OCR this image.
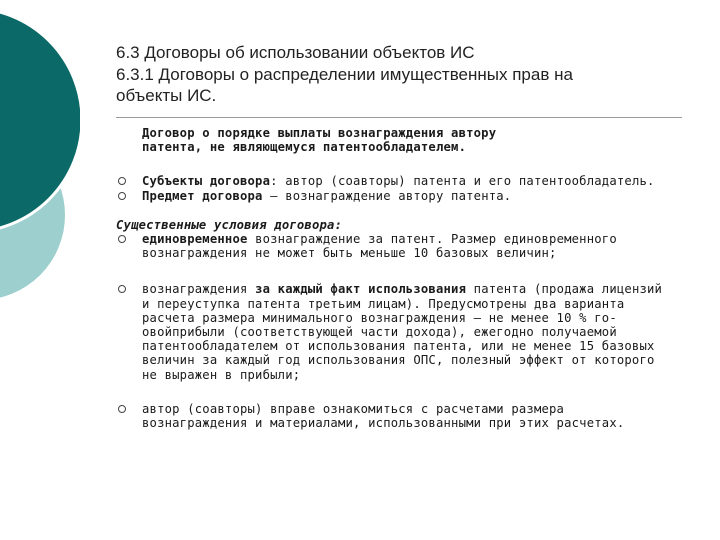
6.3 Договоры об использовании объектов ИС
6.3.1 Договоры о распределении имущественных прав на
объекты ИС.
Договор о порядке выплаты вознаграждения автору
патента, не являющемуся патентообладателем.
Субъекты договора: автор (соавторы) патента и его патентообладатель.
Предмет договора — вознаграждение автору патента.
Существенные условия договора:
единовременное вознаграждение за патент. Размер единовременного вознаграждения не может быть меньше 10 базовых величин;
вознаграждения за каждый факт использования патента (продажа лицензий и переуступка патента третьим лицам). Предусмотрены два варианта расчета размера минимального вознаграждения — не менее 10 % го-овойприбыли (соответствующей части дохода), ежегодно получаемой патентообладателем от использования патента, или не менее 15 базовых величин за каждый год использования ОПС, полезный эффект от которого не выражен в прибыли;
автор (соавторы) вправе ознакомиться с расчетами размера вознаграждения и материалами, использованными при этих расчетах.
